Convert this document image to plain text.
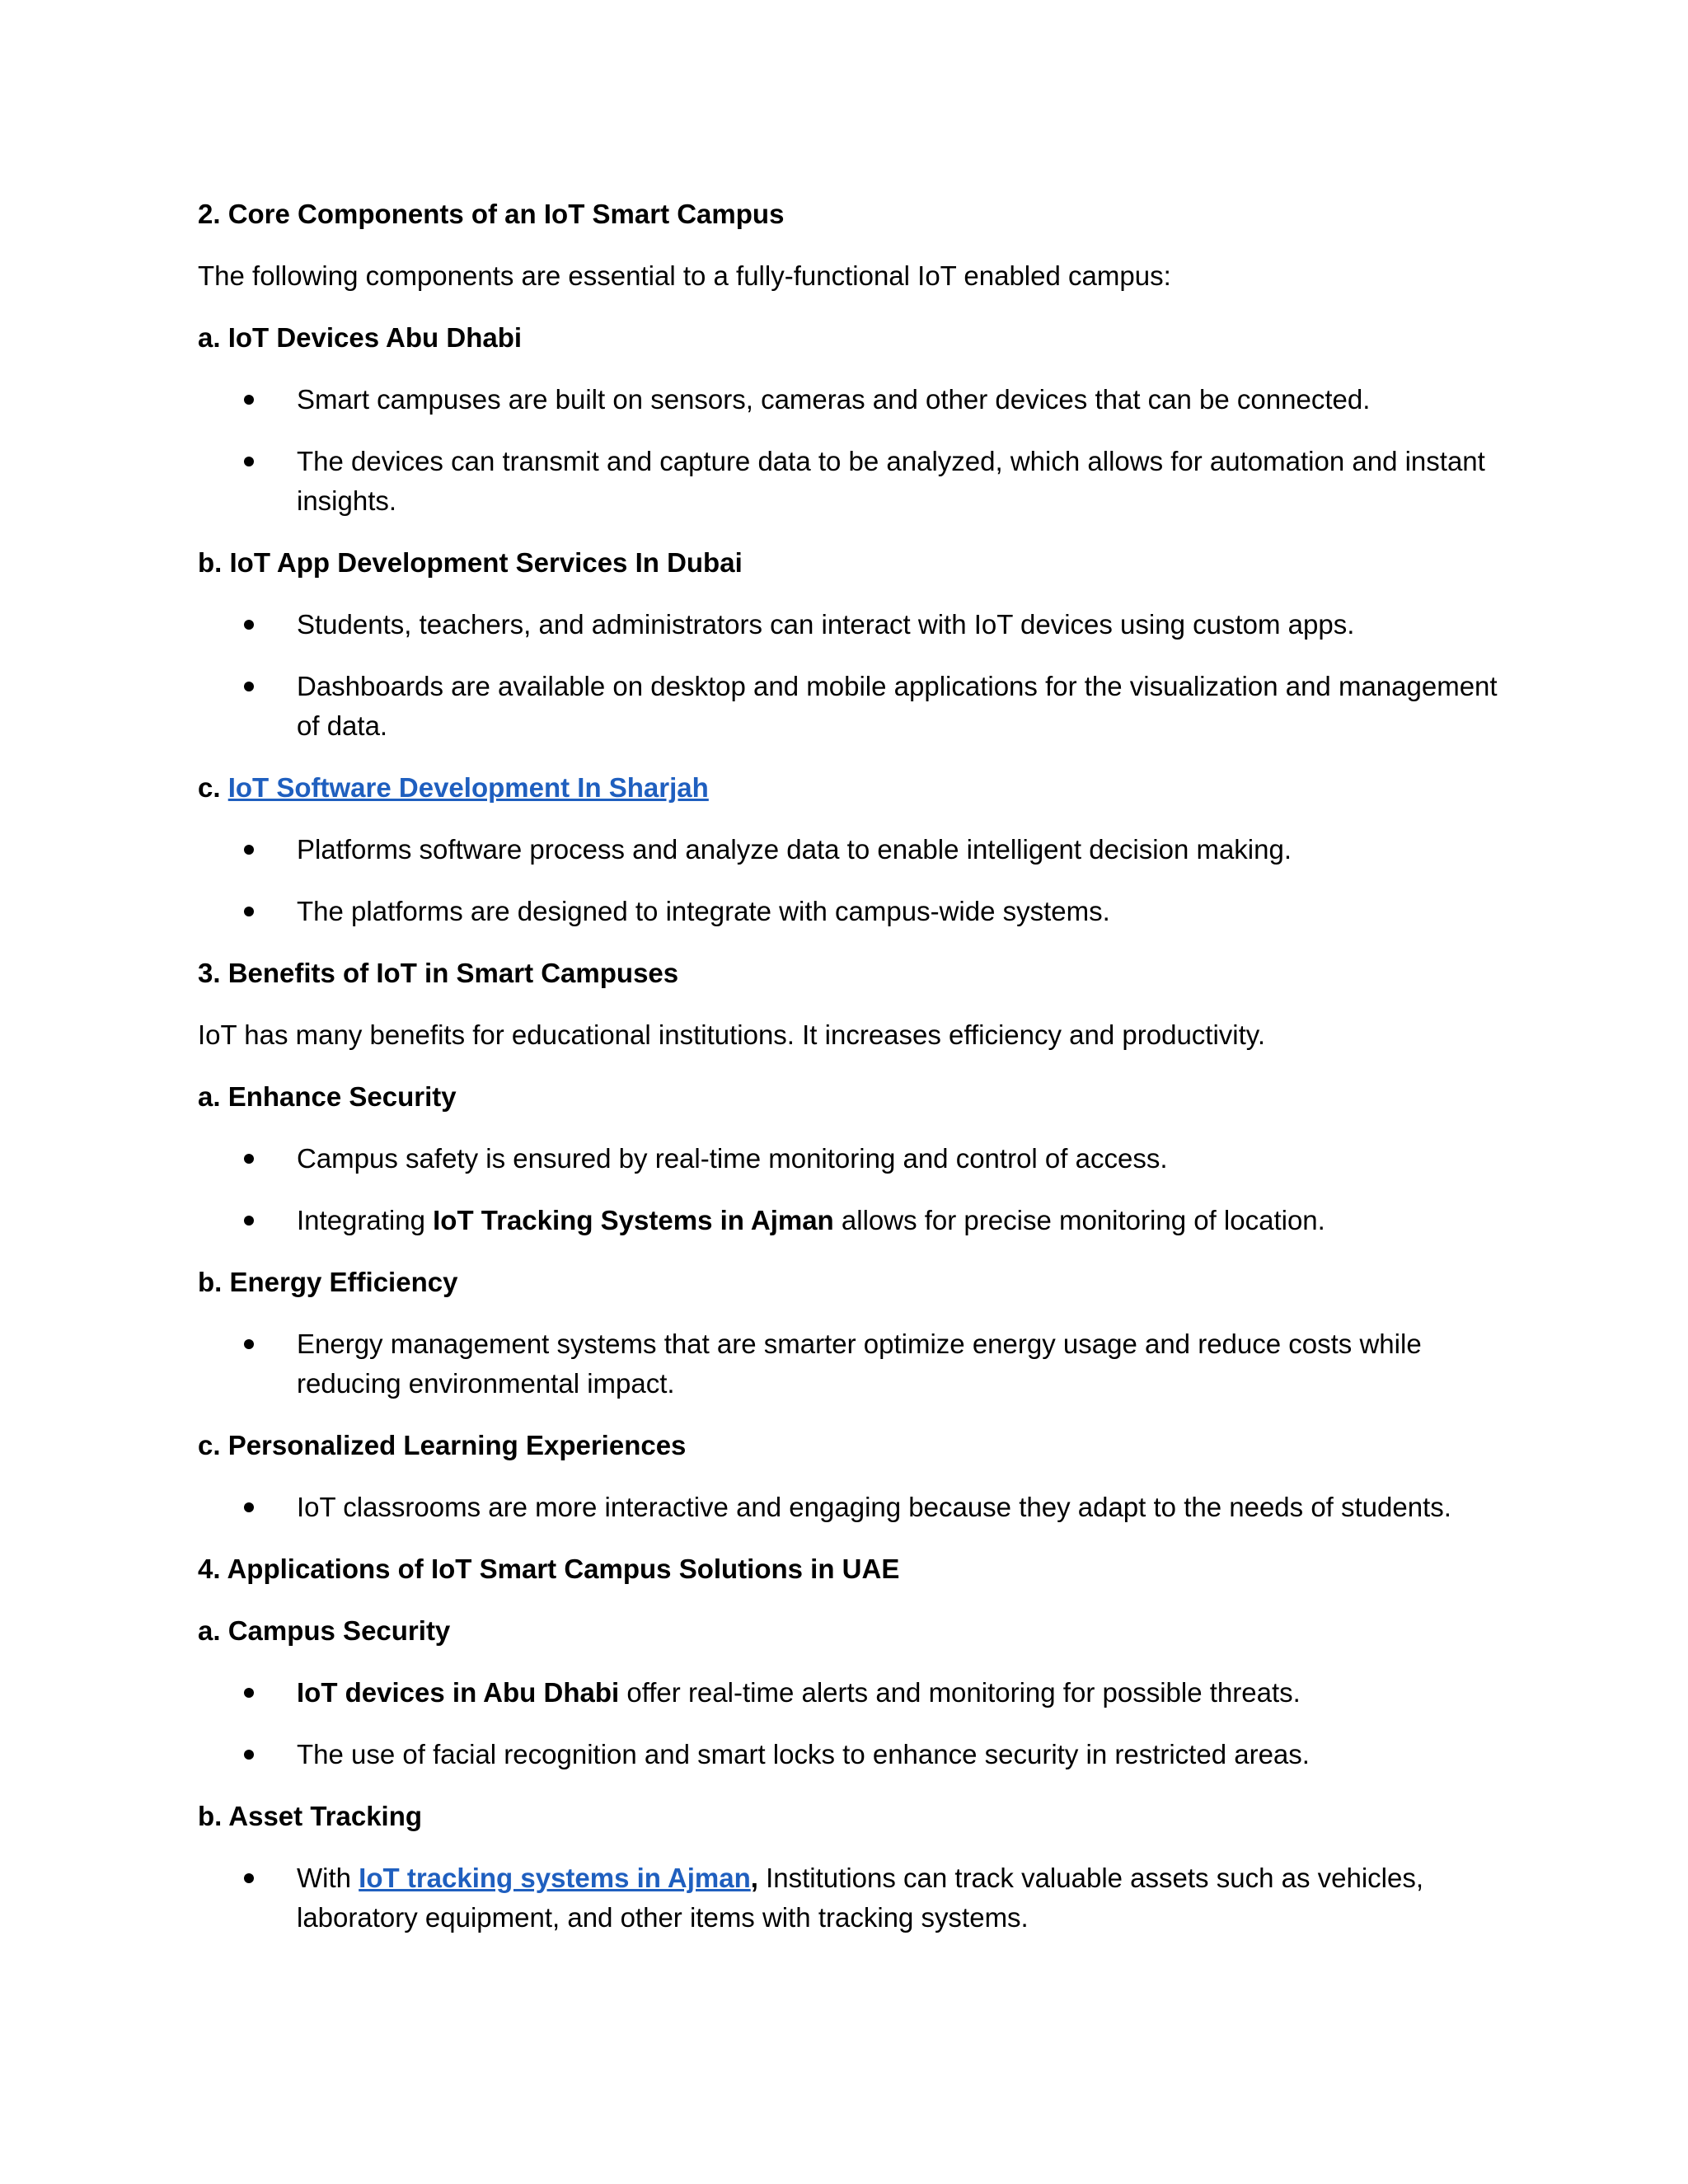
2. Core Components of an IoT Smart Campus
The following components are essential to a fully-functional IoT enabled campus:
a. IoT Devices Abu Dhabi
Smart campuses are built on sensors, cameras and other devices that can be connected.
The devices can transmit and capture data to be analyzed, which allows for automation and instant insights.
b. IoT App Development Services In Dubai
Students, teachers, and administrators can interact with IoT devices using custom apps.
Dashboards are available on desktop and mobile applications for the visualization and management of data.
c. IoT Software Development In Sharjah
Platforms software process and analyze data to enable intelligent decision making.
The platforms are designed to integrate with campus-wide systems.
3. Benefits of IoT in Smart Campuses
IoT has many benefits for educational institutions. It increases efficiency and productivity.
a. Enhance Security
Campus safety is ensured by real-time monitoring and control of access.
Integrating IoT Tracking Systems in Ajman allows for precise monitoring of location.
b. Energy Efficiency
Energy management systems that are smarter optimize energy usage and reduce costs while reducing environmental impact.
c. Personalized Learning Experiences
IoT classrooms are more interactive and engaging because they adapt to the needs of students.
4. Applications of IoT Smart Campus Solutions in UAE
a. Campus Security
IoT devices in Abu Dhabi offer real-time alerts and monitoring for possible threats.
The use of facial recognition and smart locks to enhance security in restricted areas.
b. Asset Tracking
With IoT tracking systems in Ajman, Institutions can track valuable assets such as vehicles, laboratory equipment, and other items with tracking systems.
